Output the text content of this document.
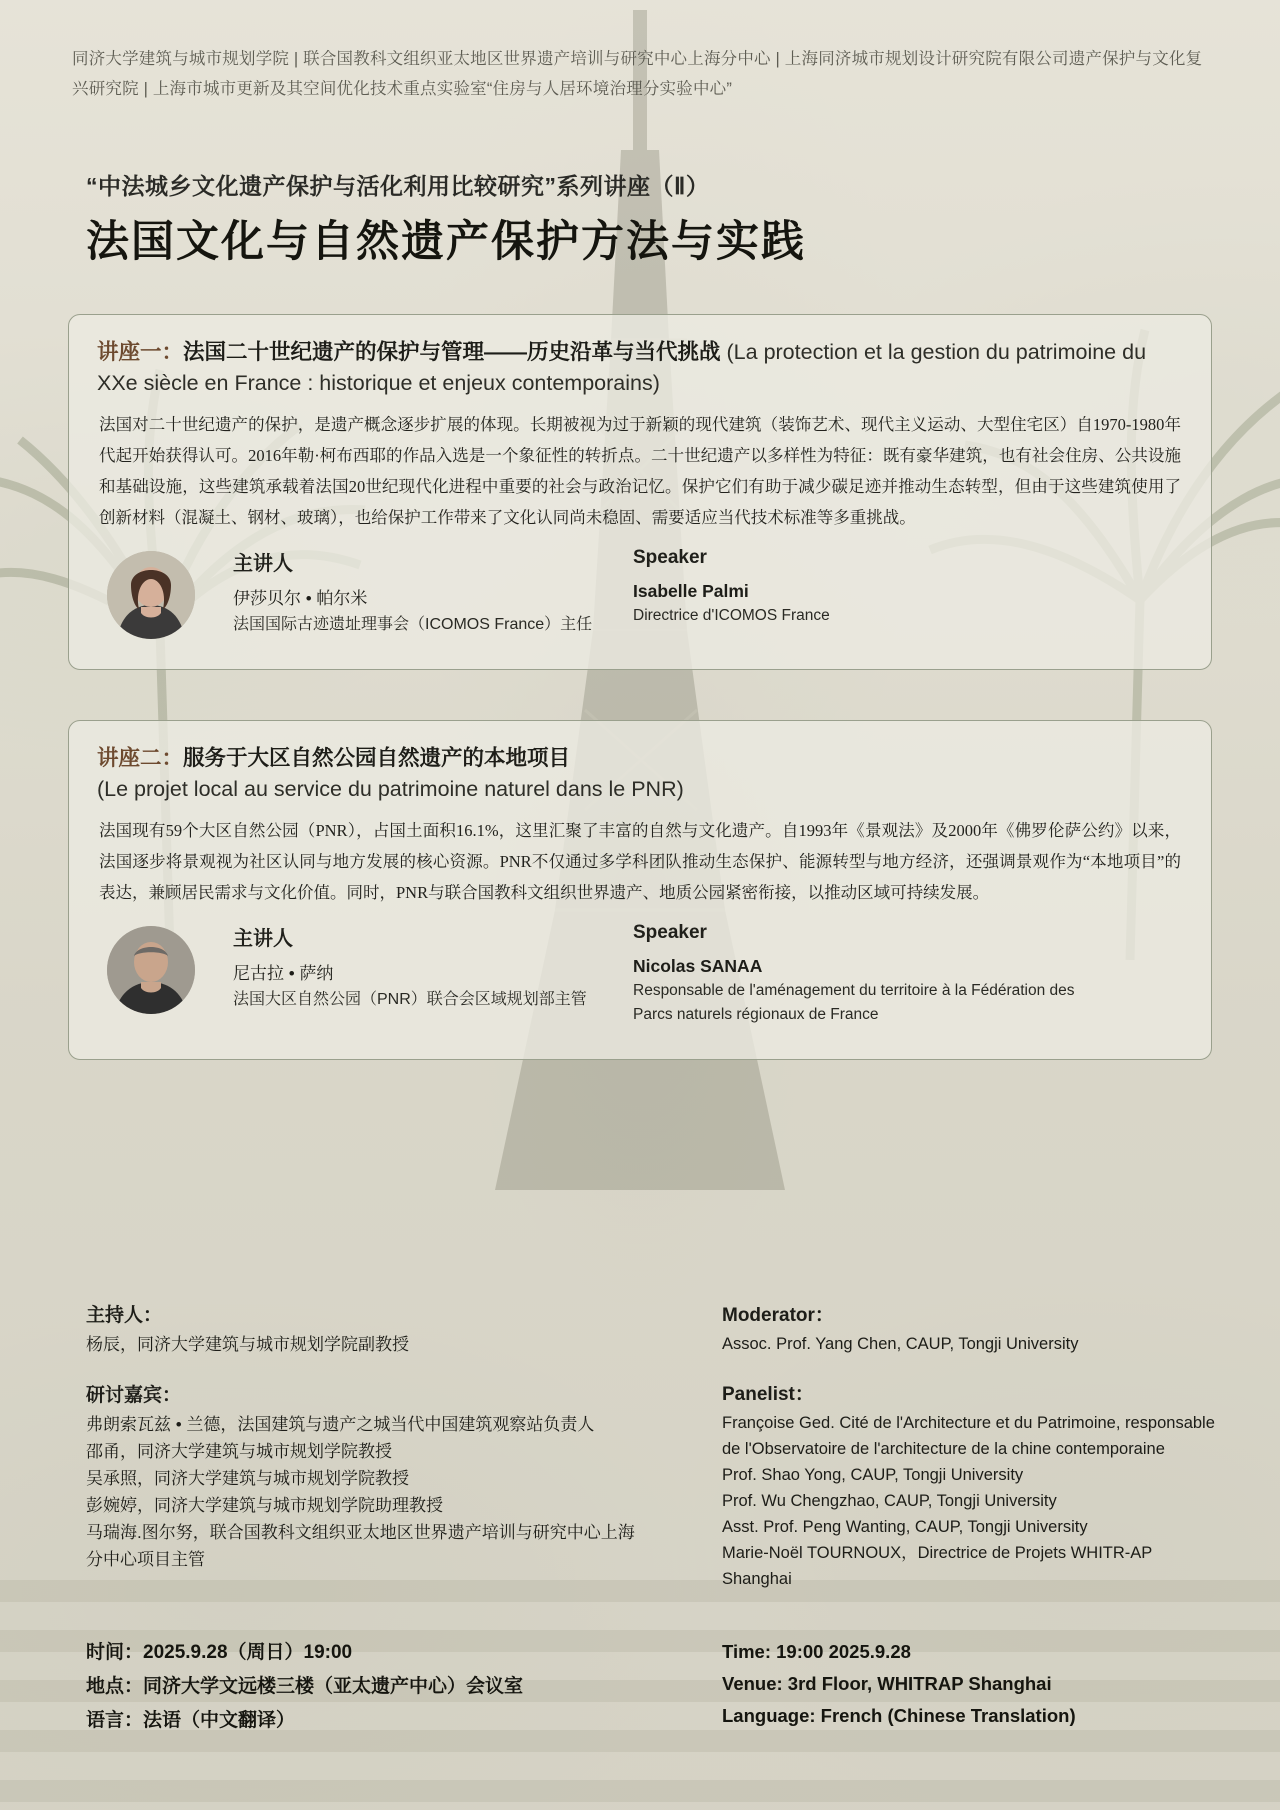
同济大学建筑与城市规划学院 | 联合国教科文组织亚太地区世界遗产培训与研究中心上海分中心 | 上海同济城市规划设计研究院有限公司遗产保护与文化复兴研究院 | 上海市城市更新及其空间优化技术重点实验室“住房与人居环境治理分实验中心”
“中法城乡文化遗产保护与活化利用比较研究”系列讲座（Ⅱ）
法国文化与自然遗产保护方法与实践
讲座一：法国二十世纪遗产的保护与管理——历史沿革与当代挑战 (La protection et la gestion du patrimoine du XXe siècle en France : historique et enjeux contemporains)
法国对二十世纪遗产的保护，是遗产概念逐步扩展的体现。长期被视为过于新颖的现代建筑（装饰艺术、现代主义运动、大型住宅区）自1970-1980年代起开始获得认可。2016年勒·柯布西耶的作品入选是一个象征性的转折点。二十世纪遗产以多样性为特征：既有豪华建筑，也有社会住房、公共设施和基础设施，这些建筑承载着法国20世纪现代化进程中重要的社会与政治记忆。保护它们有助于减少碳足迹并推动生态转型，但由于这些建筑使用了创新材料（混凝土、钢材、玻璃），也给保护工作带来了文化认同尚未稳固、需要适应当代技术标准等多重挑战。
主讲人
伊莎贝尔 • 帕尔米
法国国际古迹遗址理事会（ICOMOS France）主任
Speaker
Isabelle Palmi
Directrice d'ICOMOS France
讲座二：服务于大区自然公园自然遗产的本地项目
(Le projet local au service du patrimoine naturel dans le PNR)
法国现有59个大区自然公园（PNR），占国土面积16.1%，这里汇聚了丰富的自然与文化遗产。自1993年《景观法》及2000年《佛罗伦萨公约》以来，法国逐步将景观视为社区认同与地方发展的核心资源。PNR不仅通过多学科团队推动生态保护、能源转型与地方经济，还强调景观作为“本地项目”的表达，兼顾居民需求与文化价值。同时，PNR与联合国教科文组织世界遗产、地质公园紧密衔接，以推动区域可持续发展。
主讲人
尼古拉 • 萨纳
法国大区自然公园（PNR）联合会区域规划部主管
Speaker
Nicolas SANAA
Responsable de l'aménagement du territoire à la Fédération des Parcs naturels régionaux de France
主持人：
杨辰，同济大学建筑与城市规划学院副教授
研讨嘉宾：
弗朗索瓦兹 • 兰德，法国建筑与遗产之城当代中国建筑观察站负责人
邵甬，同济大学建筑与城市规划学院教授
吴承照，同济大学建筑与城市规划学院教授
彭婉婷，同济大学建筑与城市规划学院助理教授
马瑞海.图尔努，联合国教科文组织亚太地区世界遗产培训与研究中心上海分中心项目主管
Moderator：
Assoc. Prof. Yang Chen, CAUP, Tongji University
Panelist：
Françoise Ged. Cité de l'Architecture et du Patrimoine, responsable de l'Observatoire de l'architecture de la chine contemporaine
Prof. Shao Yong, CAUP, Tongji University
Prof. Wu Chengzhao, CAUP, Tongji University
Asst. Prof. Peng Wanting, CAUP, Tongji University
Marie-Noël TOURNOUX，Directrice de Projets WHITR-AP Shanghai
时间：2025.9.28（周日）19:00
地点：同济大学文远楼三楼（亚太遗产中心）会议室
语言：法语（中文翻译）
Time: 19:00 2025.9.28
Venue: 3rd Floor, WHITRAP Shanghai
Language: French (Chinese Translation)
